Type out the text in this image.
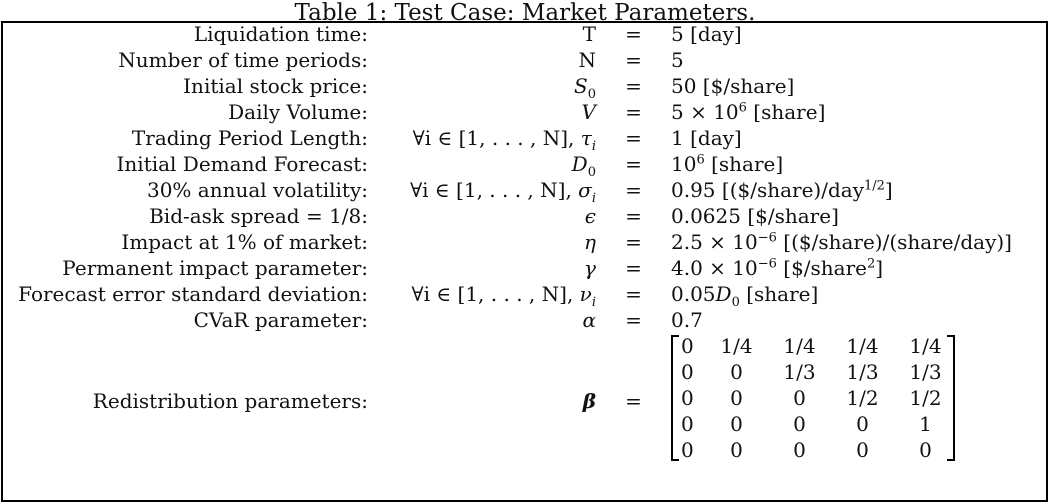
Table 1: Test Case: Market Parameters.
Liquidation time:	T	=	5 [day]
Number of time periods:	N	=	5
Initial stock price:	$S_0$	=	50 [$/share]
Daily Volume:	V	=	$5 \times 10^6$ [share]
Trading Period Length:	∀i ∈ [1, . . . , N], $\tau_i$	=	1 [day]
Initial Demand Forecast:	$D_0$	=	$10^6$ [share]
30% annual volatility:	∀i ∈ [1, . . . , N], $\sigma_i$	=	0.95 [($/share)/day$^{1/2}$]
Bid-ask spread = 1/8:	ϵ	=	0.0625 [$/share]
Impact at 1% of market:	η	=	$2.5 \times 10^{-6}$ [($/share)/(share/day)]
Permanent impact parameter:	γ	=	$4.0 \times 10^{-6}$ [$/share$^2$]
Forecast error standard deviation:	∀i ∈ [1, . . . , N], $\nu_i$	=	$0.05D_0$ [share]
CVaR parameter:	α	=	0.7
Redistribution parameters:	β	=	
0	1/4	1/4	1/4	1/4
0	0	1/3	1/3	1/3
0	0	0	1/2	1/2
0	0	0	0	1
0	0	0	0	0
